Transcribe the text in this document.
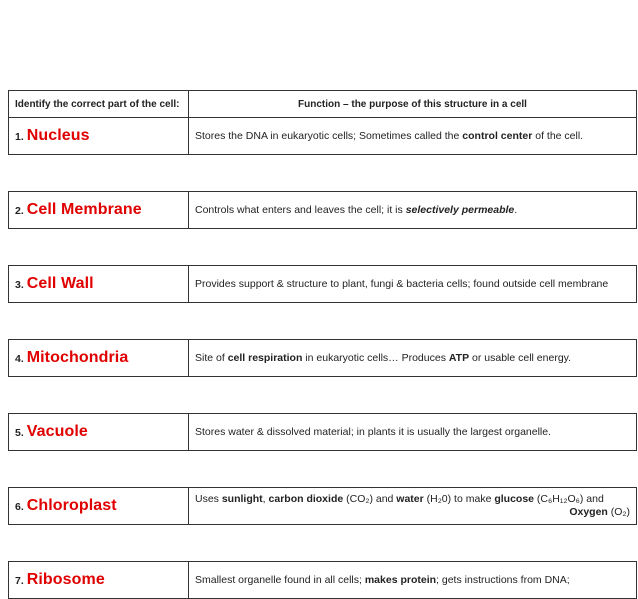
Identify the correct part of the cell:	Function – the purpose of this structure in a cell
1. Nucleus	Stores the DNA in eukaryotic cells; Sometimes called the control center of the cell.

2. Cell Membrane	Controls what enters and leaves the cell; it is selectively permeable.

3. Cell Wall	Provides support & structure to plant, fungi & bacteria cells; found outside cell membrane

4. Mitochondria	Site of cell respiration in eukaryotic cells… Produces ATP or usable cell energy.

5. Vacuole	Stores water & dissolved material; in plants it is usually the largest organelle.

6. Chloroplast	Uses sunlight, carbon dioxide (CO₂) and water (H₂0) to make glucose (C₆H₁₂O₆) and
Oxygen (O₂)

7. Ribosome	Smallest organelle found in all cells; makes protein; gets instructions from DNA;
